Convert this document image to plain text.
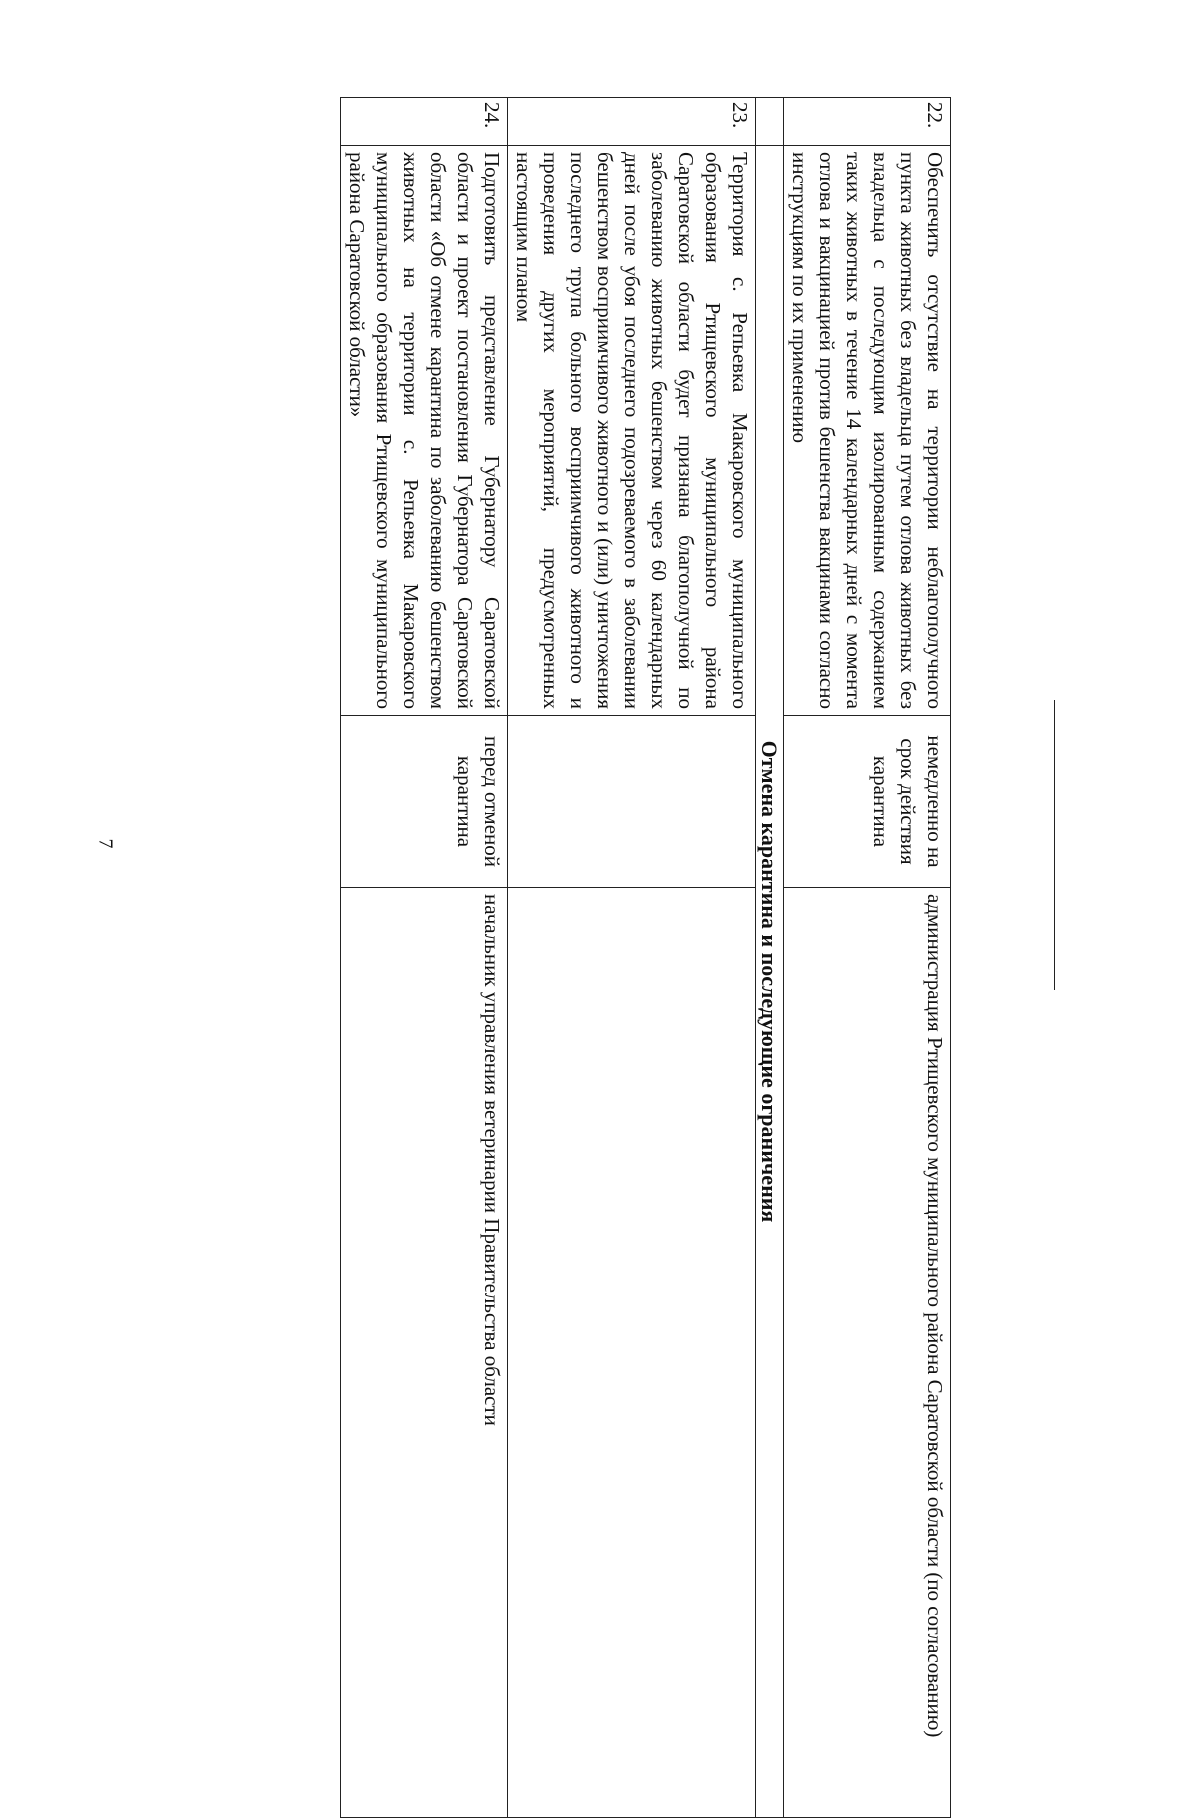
7
22.	Обеспечить отсутствие на территории неблагополучного пункта животных без владельца путем отлова животных без владельца с последующим изолированным содержанием таких животных в течение 14 календарных дней с момента отлова и вакцинацией против бешенства вакцинами согласно инструкциям по их применению	немедленно на срок действия карантина	администрация Ртищевского муниципального района Саратовской области (по согласованию)
	Отмена карантина и последующие ограничения		
23.	Территория с. Репьевка Макаровского муниципального образования Ртищевского муниципального района Саратовской области будет признана благополучной по заболеванию животных бешенством через 60 календарных дней после убоя последнего подозреваемого в заболевании бешенством восприимчивого животного и (или) уничтожения последнего трупа больного восприимчивого животного и проведения других мероприятий, предусмотренных настоящим планом		
24.	Подготовить представление Губернатору Саратовской области и проект постановления Губернатора Саратовской области «Об отмене карантина по заболеванию бешенством животных на территории с. Репьевка Макаровского муниципального образования Ртищевского муниципального района Саратовской области»	перед отменой карантина	начальник управления ветеринарии Правительства области
